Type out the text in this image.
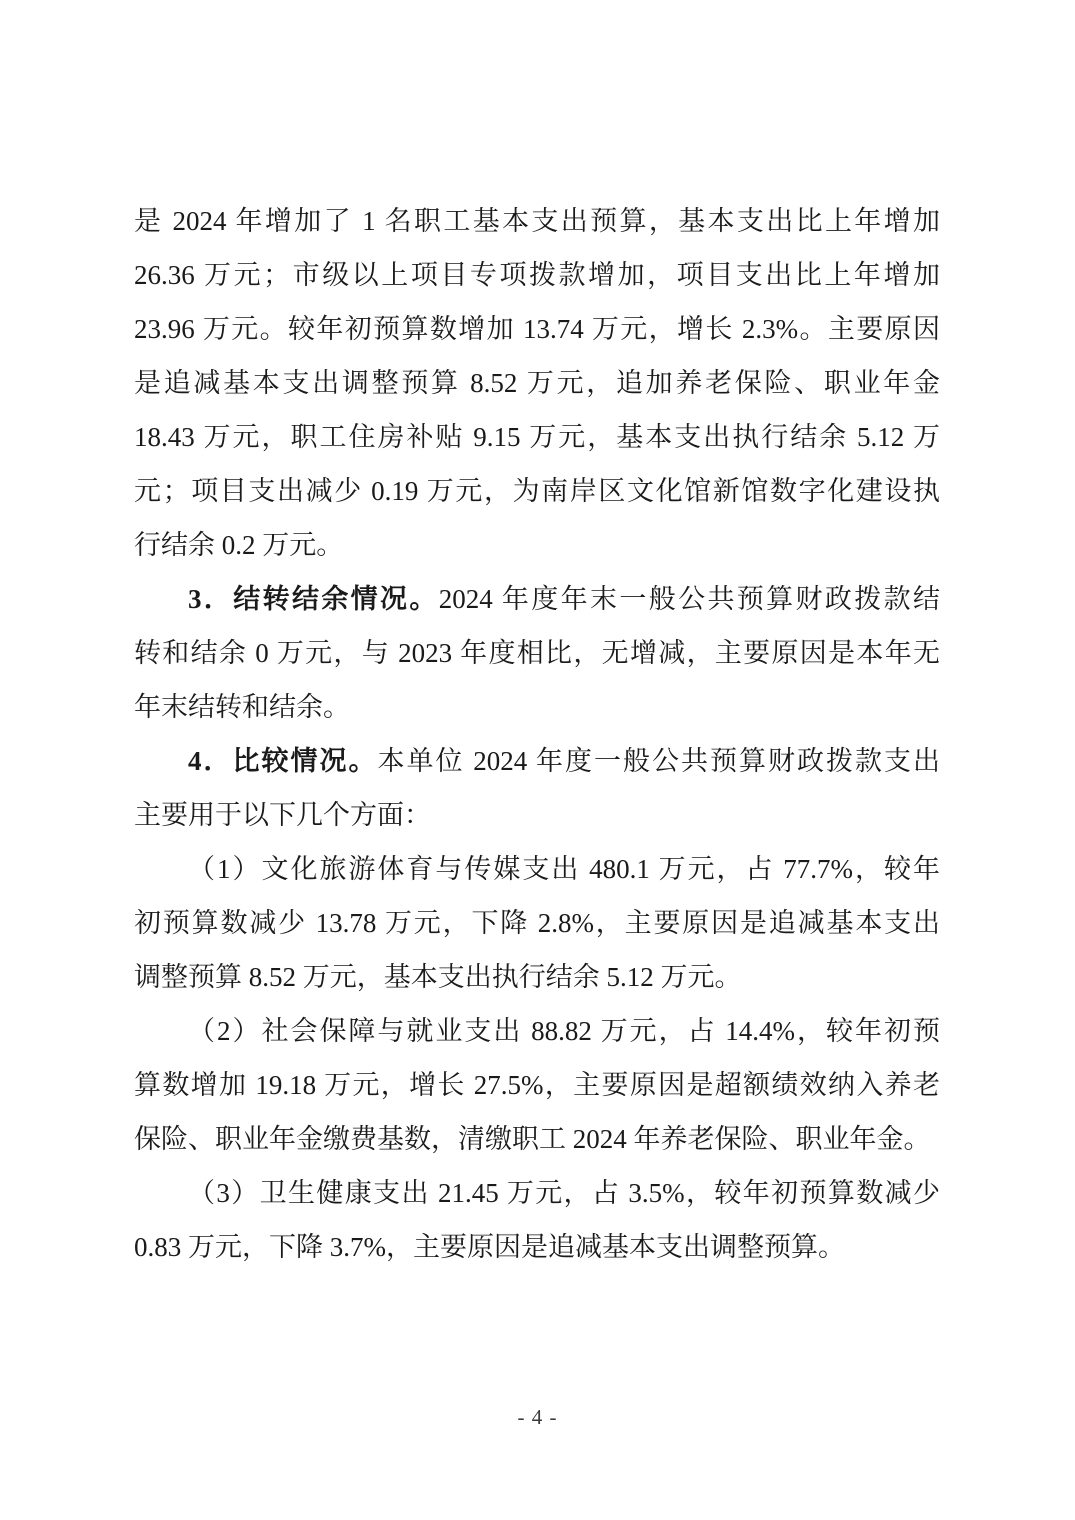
是 2024 年增加了 1 名职工基本支出预算，基本支出比上年增加
26.36 万元；市级以上项目专项拨款增加，项目支出比上年增加
23.96 万元。较年初预算数增加 13.74 万元，增长 2.3%。主要原因
是追减基本支出调整预算 8.52 万元，追加养老保险、职业年金
18.43 万元，职工住房补贴 9.15 万元，基本支出执行结余 5.12 万
元；项目支出减少 0.19 万元，为南岸区文化馆新馆数字化建设执
行结余 0.2 万元。
3．结转结余情况。2024 年度年末一般公共预算财政拨款结
转和结余 0 万元，与 2023 年度相比，无增减，主要原因是本年无
年末结转和结余。
4．比较情况。本单位 2024 年度一般公共预算财政拨款支出
主要用于以下几个方面：
（1）文化旅游体育与传媒支出 480.1 万元，占 77.7%，较年
初预算数减少 13.78 万元，下降 2.8%，主要原因是追减基本支出
调整预算 8.52 万元，基本支出执行结余 5.12 万元。
（2）社会保障与就业支出 88.82 万元，占 14.4%，较年初预
算数增加 19.18 万元，增长 27.5%，主要原因是超额绩效纳入养老
保险、职业年金缴费基数，清缴职工 2024 年养老保险、职业年金。
（3）卫生健康支出 21.45 万元，占 3.5%，较年初预算数减少
0.83 万元，下降 3.7%，主要原因是追减基本支出调整预算。
- 4 -
